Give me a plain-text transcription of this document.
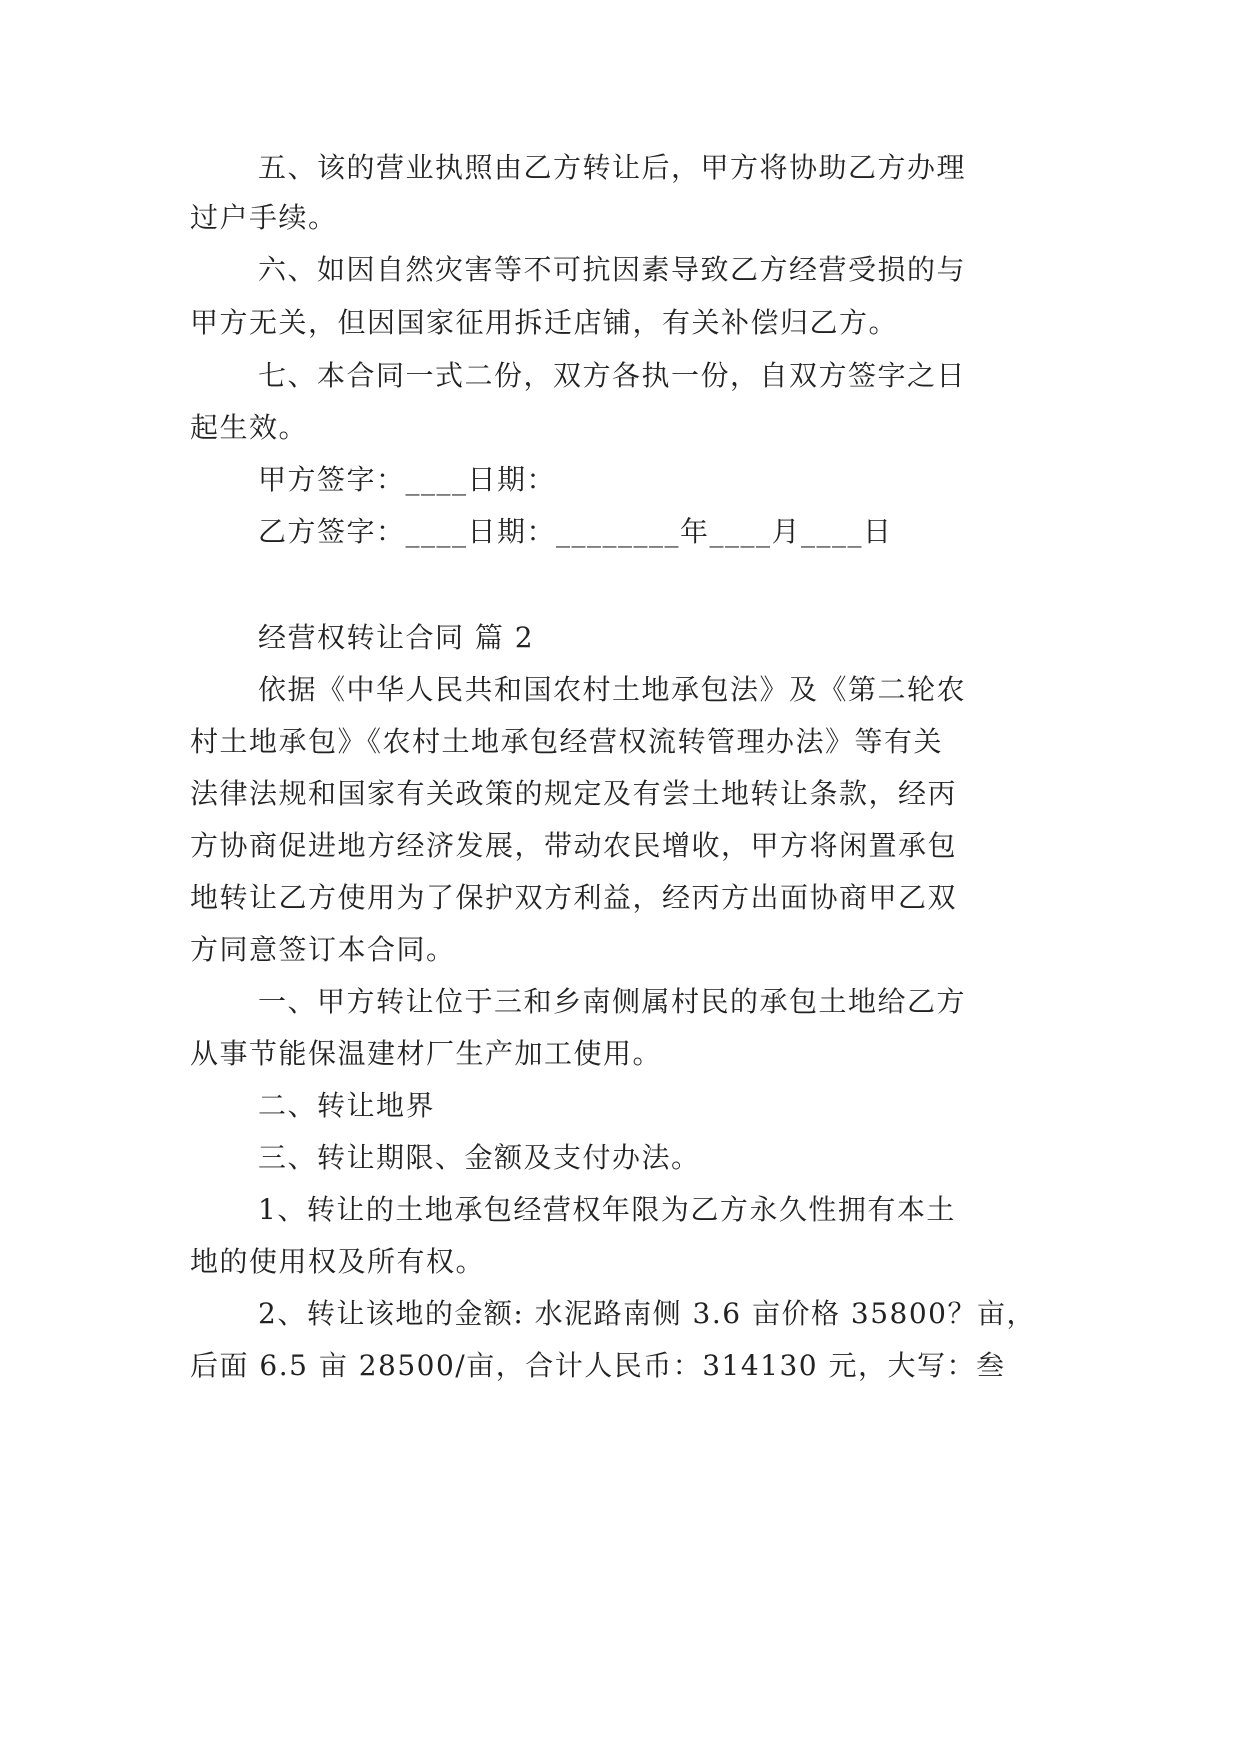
五、该的营业执照由乙方转让后，甲方将协助乙方办理
过户手续。
六、如因自然灾害等不可抗因素导致乙方经营受损的与
甲方无关，但因国家征用拆迁店铺，有关补偿归乙方。
七、本合同一式二份，双方各执一份，自双方签字之日
起生效。
甲方签字：____日期：
乙方签字：____日期：________年____月____日
经营权转让合同 篇 2
依据《中华人民共和国农村土地承包法》及《第二轮农
村土地承包》《农村土地承包经营权流转管理办法》等有关
法律法规和国家有关政策的规定及有尝土地转让条款，经丙
方协商促进地方经济发展，带动农民增收，甲方将闲置承包
地转让乙方使用为了保护双方利益，经丙方出面协商甲乙双
方同意签订本合同。
一、甲方转让位于三和乡南侧属村民的承包土地给乙方
从事节能保温建材厂生产加工使用。
二、转让地界
三、转让期限、金额及支付办法。
1、转让的土地承包经营权年限为乙方永久性拥有本土
地的使用权及所有权。
2、转让该地的金额: 水泥路南侧 3.6 亩价格 35800？亩，
后面 6.5 亩 28500/亩，合计人民币：314130 元，大写：叁
